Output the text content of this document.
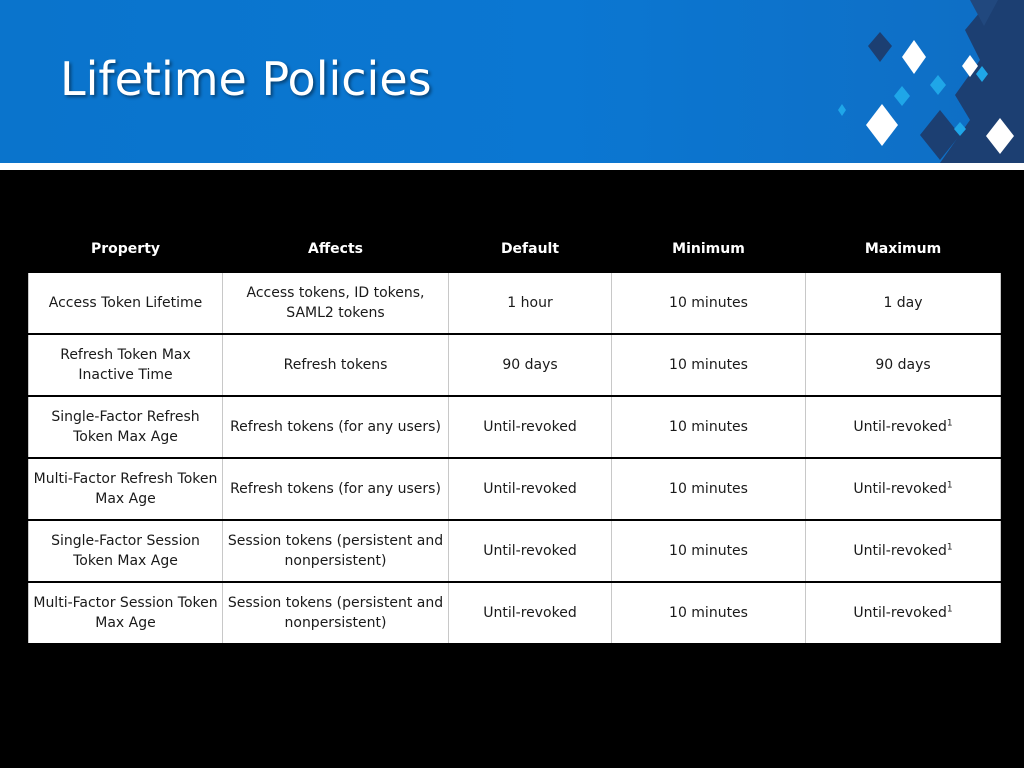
Lifetime Policies
Property	Affects	Default	Minimum	Maximum
Access Token Lifetime	Access tokens, ID tokens, SAML2 tokens	1 hour	10 minutes	1 day
Refresh Token Max Inactive Time	Refresh tokens	90 days	10 minutes	90 days
Single-Factor Refresh Token Max Age	Refresh tokens (for any users)	Until-revoked	10 minutes	Until-revoked$^1$
Multi-Factor Refresh Token Max Age	Refresh tokens (for any users)	Until-revoked	10 minutes	Until-revoked$^1$
Single-Factor Session Token Max Age	Session tokens (persistent and nonpersistent)	Until-revoked	10 minutes	Until-revoked$^1$
Multi-Factor Session Token Max Age	Session tokens (persistent and nonpersistent)	Until-revoked	10 minutes	Until-revoked$^1$
